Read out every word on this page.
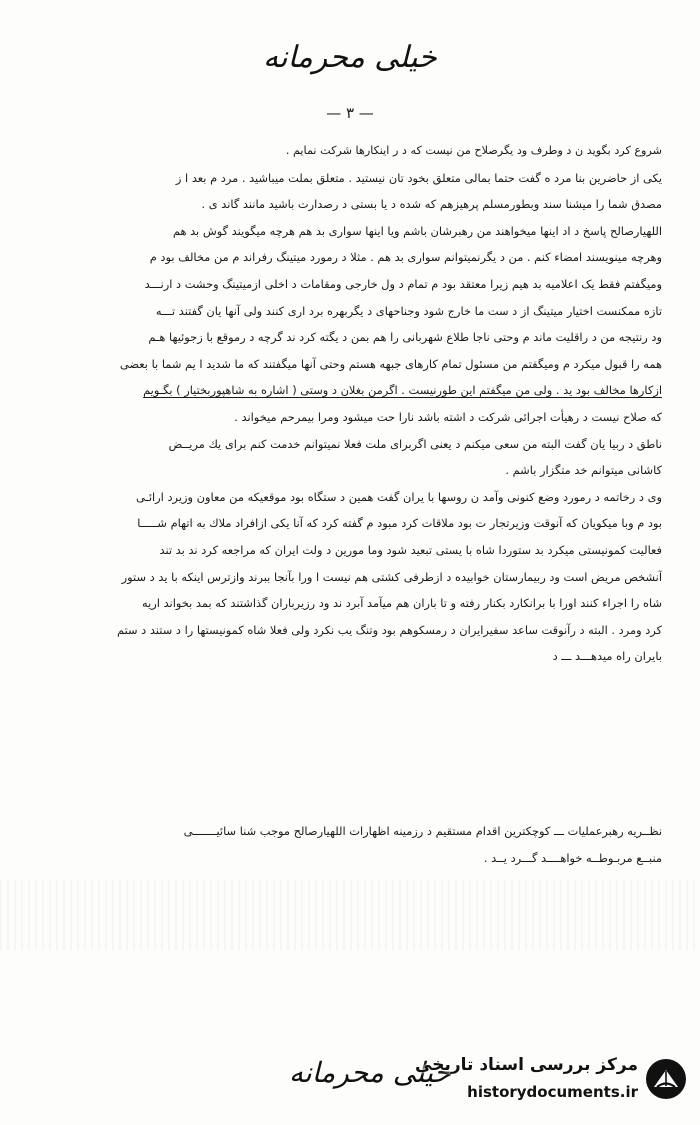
خیلی محرمانه
— ٣ —
شروع کرد بگوید ن د وطرف ود یگرصلاح من نیست که د ر اینکارها شرکت نمایم .
یکی از حاضرین بنا مرد ه گفت حتما بمالی متعلق بخود تان نیستید . متعلق بملت میباشید . مرد م بعد ا ز
مصدق شما را میشنا سند وبطورمسلم پرهیزهم که شده د یا بستی د رصدارت باشید مانند گاند ی .
اللهیارصالح پاسخ د اد اینها میخواهند من رهبرشان باشم ویا اینها سواری بد هم هرچه میگویند گوش بد هم
وهرچه مینویسند امضاء کنم . من د یگرنمیتوانم سواری بد هم . مثلا د رمورد میتینگ رفراند م من مخالف بود م
ومیگفتم فقط یک اعلامیه بد هیم زیرا معتقد بود م تمام د ول خارجی ومقامات د اخلی ازمیتینگ وحشت د ارنـــد
تازه ممکنست اختیار میتینگ از د ست ما خارج شود وجناحهای د یگربهره برد اری کنند ولی آنها یان گفتند تـــه
ود رنتیجه من د راقلیت ماند م وحتی ناجا طلاع شهربانی را هم بمن د یگته کرد ند گرچه د رموقع با زجوئیها هـم
همه را قبول میکرد م ومیگفتم من مسئول تمام کارهای جبهه هستم وحتی آنها میگفتند که ما شدید ا یم شما با بعضی
ازکارها مخالف بود ید . ولی من میگفتم این طورنیست . اگرمن بغلان د وستی ( اشاره به شاهپوربختیار ) بگـویم
که صلاح نیست د رهیأت اجرائی شرکت د اشته باشد نارا حت میشود ومرا بیمرحم میخواند .
ناطق د ربیا یان گفت البته من سعی میکنم د یعنی اگربرای ملت فعلا نمیتوانم خدمت کنم برای یك مریــض
کاشانی میتوانم خد متگزار باشم .
وی د رخاتمه د رمورد وضع کنونی وآمد ن روسها با یران گفت همین د ستگاه بود موقعیکه من معاون وزیرد ارائـی
بود م وبا میکویان که آنوقت وزیرتجار ت بود ملاقات کرد مبود م گفته کرد که آنا یکی ازافراد ملاك به اتهام شـــــا
فعالیت کمونیستی میکرد بد ستوردا شاه با یستی تبعید شود وما مورین د ولت ایران که مراجعه کرد ند بد تند
آنشخص مریض است ود ربیمارستان خوابیده د ازطرفی کشتی هم نیست ا ورا بآنجا ببرند وازترس اینکه با ید د ستور
شاه را اجراء کنند اورا با برانکارد بکنار رفته و تا باران هم میآمد آبرد ند ود رزیرباران گذاشتند که بمد بخواند اریه
کرد ومرد . البته د رآنوقت ساعد سفیرایران د رمسکوهم بود وتنگ یب نکرد ولی فعلا شاه کمونیستها را د ستند د ستم
بایران راه میدهـــد ـــ د
نظــریه رهبرعملیات ـــ کوچکترین اقدام مستقیم د رزمینه اظهارات اللهیارصالح موجب شنا سائیـــــــی
منبــع مربـوطــه خواهــــد گـــرد یــد .
خیلی محرمانه
مرکز بررسی اسناد تاریخی
historydocuments.ir
